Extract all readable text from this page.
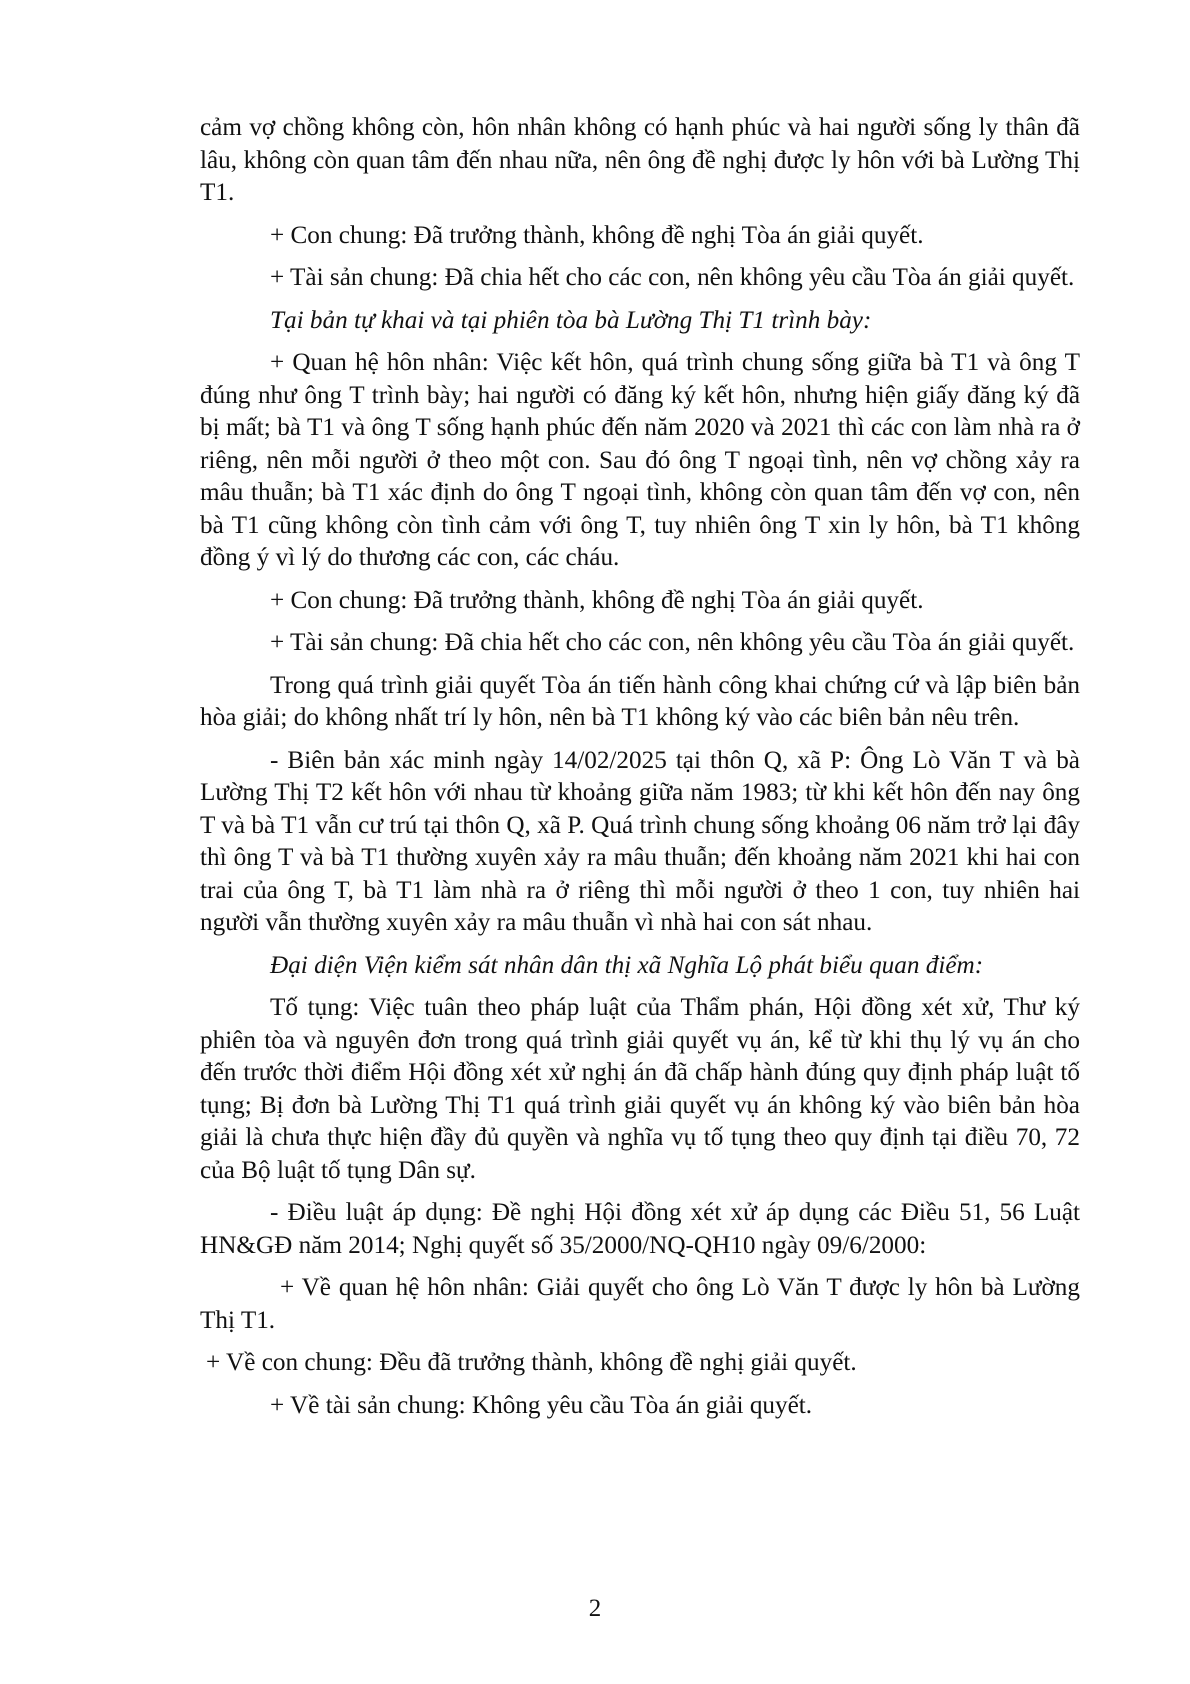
cảm vợ chồng không còn, hôn nhân không có hạnh phúc và hai người sống ly thân đã lâu, không còn quan tâm đến nhau nữa, nên ông đề nghị được ly hôn với bà Lường Thị T1.

+ Con chung: Đã trưởng thành, không đề nghị Tòa án giải quyết.

+ Tài sản chung: Đã chia hết cho các con, nên không yêu cầu Tòa án giải quyết.

Tại bản tự khai và tại phiên tòa bà Lường Thị T1 trình bày:

+ Quan hệ hôn nhân: Việc kết hôn, quá trình chung sống giữa bà T1 và ông T đúng như ông T trình bày; hai người có đăng ký kết hôn, nhưng hiện giấy đăng ký đã bị mất; bà T1 và ông T sống hạnh phúc đến năm 2020 và 2021 thì các con làm nhà ra ở riêng, nên mỗi người ở theo một con. Sau đó ông T ngoại tình, nên vợ chồng xảy ra mâu thuẫn; bà T1 xác định do ông T ngoại tình, không còn quan tâm đến vợ con, nên bà T1 cũng không còn tình cảm với ông T, tuy nhiên ông T xin ly hôn, bà T1 không đồng ý vì lý do thương các con, các cháu.

+ Con chung: Đã trưởng thành, không đề nghị Tòa án giải quyết.

+ Tài sản chung: Đã chia hết cho các con, nên không yêu cầu Tòa án giải quyết.

Trong quá trình giải quyết Tòa án tiến hành công khai chứng cứ và lập biên bản hòa giải; do không nhất trí ly hôn, nên bà T1 không ký vào các biên bản nêu trên.

- Biên bản xác minh ngày 14/02/2025 tại thôn Q, xã P: Ông Lò Văn T và bà Lường Thị T2 kết hôn với nhau từ khoảng giữa năm 1983; từ khi kết hôn đến nay ông T và bà T1 vẫn cư trú tại thôn Q, xã P. Quá trình chung sống khoảng 06 năm trở lại đây thì ông T và bà T1 thường xuyên xảy ra mâu thuẫn; đến khoảng năm 2021 khi hai con trai của ông T, bà T1 làm nhà ra ở riêng thì mỗi người ở theo 1 con, tuy nhiên hai người vẫn thường xuyên xảy ra mâu thuẫn vì nhà hai con sát nhau.

Đại diện Viện kiểm sát nhân dân thị xã Nghĩa Lộ phát biểu quan điểm:

Tố tụng: Việc tuân theo pháp luật của Thẩm phán, Hội đồng xét xử, Thư ký phiên tòa và nguyên đơn trong quá trình giải quyết vụ án, kể từ khi thụ lý vụ án cho đến trước thời điểm Hội đồng xét xử nghị án đã chấp hành đúng quy định pháp luật tố tụng; Bị đơn bà Lường Thị T1 quá trình giải quyết vụ án không ký vào biên bản hòa giải là chưa thực hiện đầy đủ quyền và nghĩa vụ tố tụng theo quy định tại điều 70, 72 của Bộ luật tố tụng Dân sự.

- Điều luật áp dụng: Đề nghị Hội đồng xét xử áp dụng các Điều 51, 56 Luật HN&GĐ năm 2014; Nghị quyết số 35/2000/NQ-QH10 ngày 09/6/2000:

+ Về quan hệ hôn nhân: Giải quyết cho ông Lò Văn T được ly hôn bà Lường Thị T1.

+ Về con chung: Đều đã trưởng thành, không đề nghị giải quyết.

+ Về tài sản chung: Không yêu cầu Tòa án giải quyết.

2
